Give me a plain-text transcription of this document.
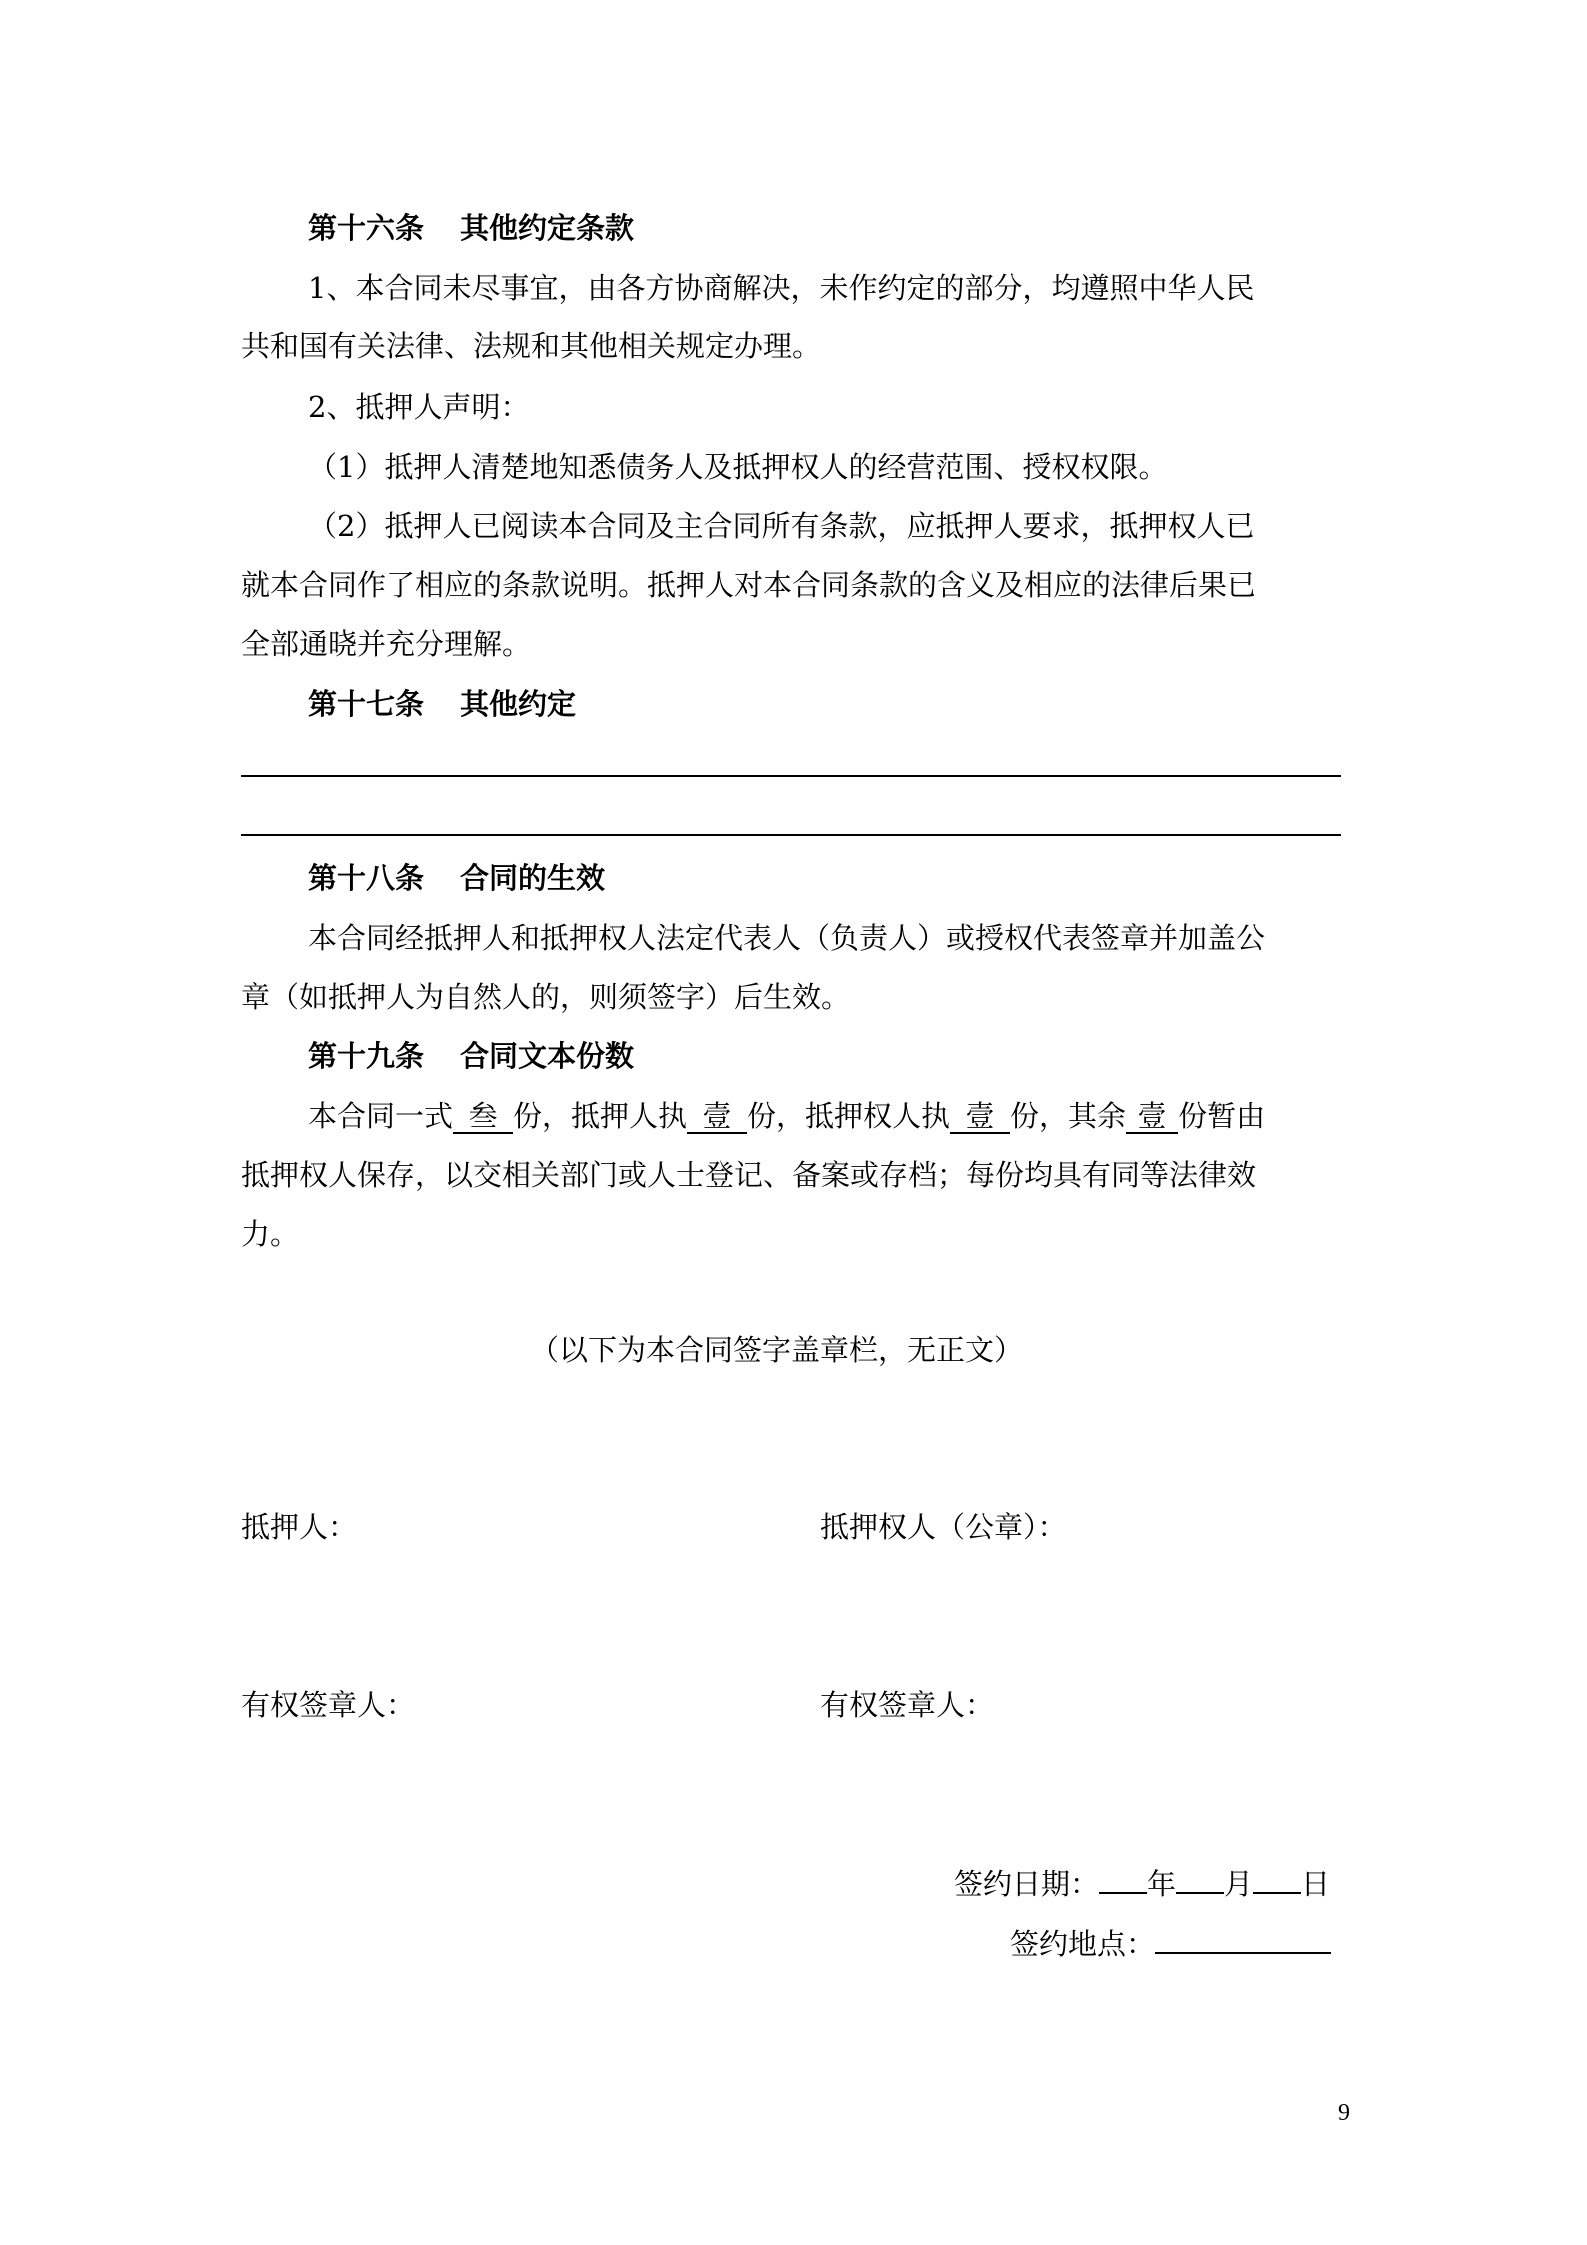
第十六条 其他约定条款
1、本合同未尽事宜，由各方协商解决，未作约定的部分，均遵照中华人民
共和国有关法律、法规和其他相关规定办理。
2、抵押人声明：
（1）抵押人清楚地知悉债务人及抵押权人的经营范围、授权权限。
（2）抵押人已阅读本合同及主合同所有条款，应抵押人要求，抵押权人已
就本合同作了相应的条款说明。抵押人对本合同条款的含义及相应的法律后果已
全部通晓并充分理解。
第十七条 其他约定
第十八条 合同的生效
本合同经抵押人和抵押权人法定代表人（负责人）或授权代表签章并加盖公
章（如抵押人为自然人的，则须签字）后生效。
第十九条 合同文本份数
本合同一式 叁 份，抵押人执 壹 份，抵押权人执 壹 份，其余 壹 份暂由
抵押权人保存，以交相关部门或人士登记、备案或存档；每份均具有同等法律效
力。
（以下为本合同签字盖章栏，无正文）
抵押人：	抵押权人（公章）：
有权签章人：	有权签章人：
签约日期： 年 月 日
签约地点：
9
